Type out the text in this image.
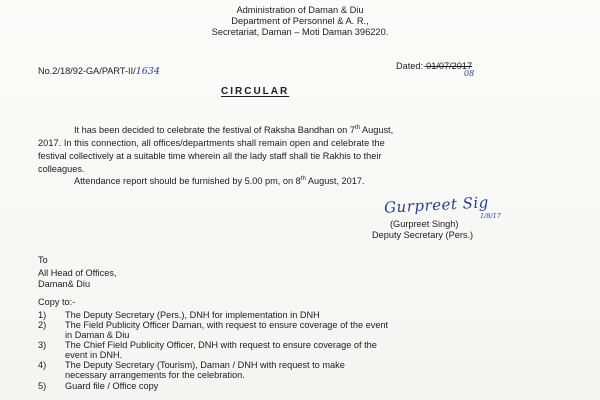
Administration of Daman & Diu
Department of Personnel & A. R.,
Secretariat, Daman – Moti Daman 396220.
No.2/18/92-GA/PART-II/1634	Dated:-01/07/2017
08
CIRCULAR
It has been decided to celebrate the festival of Raksha Bandhan on 7th August,
2017. In this connection, all offices/departments shall remain open and celebrate the
festival collectively at a suitable time wherein all the lady staff shall tie Rakhis to their
colleagues.
Attendance report should be furnished by 5.00 pm, on 8th August, 2017.
Gurpreet Sig
1/8/17
(Gurpreet Singh)
Deputy Secretary (Pers.)
To
All Head of Offices,
Daman& Diu
Copy to:-
1) The Deputy Secretary (Pers.), DNH for implementation in DNH
2) The Field Publicity Officer Daman, with request to ensure coverage of the event
in Daman & Diu
3) The Chief Field Publicity Officer, DNH with request to ensure coverage of the
event in DNH.
4) The Deputy Secretary (Tourism), Daman / DNH with request to make
necessary arrangements for the celebration.
5) Guard file / Office copy
